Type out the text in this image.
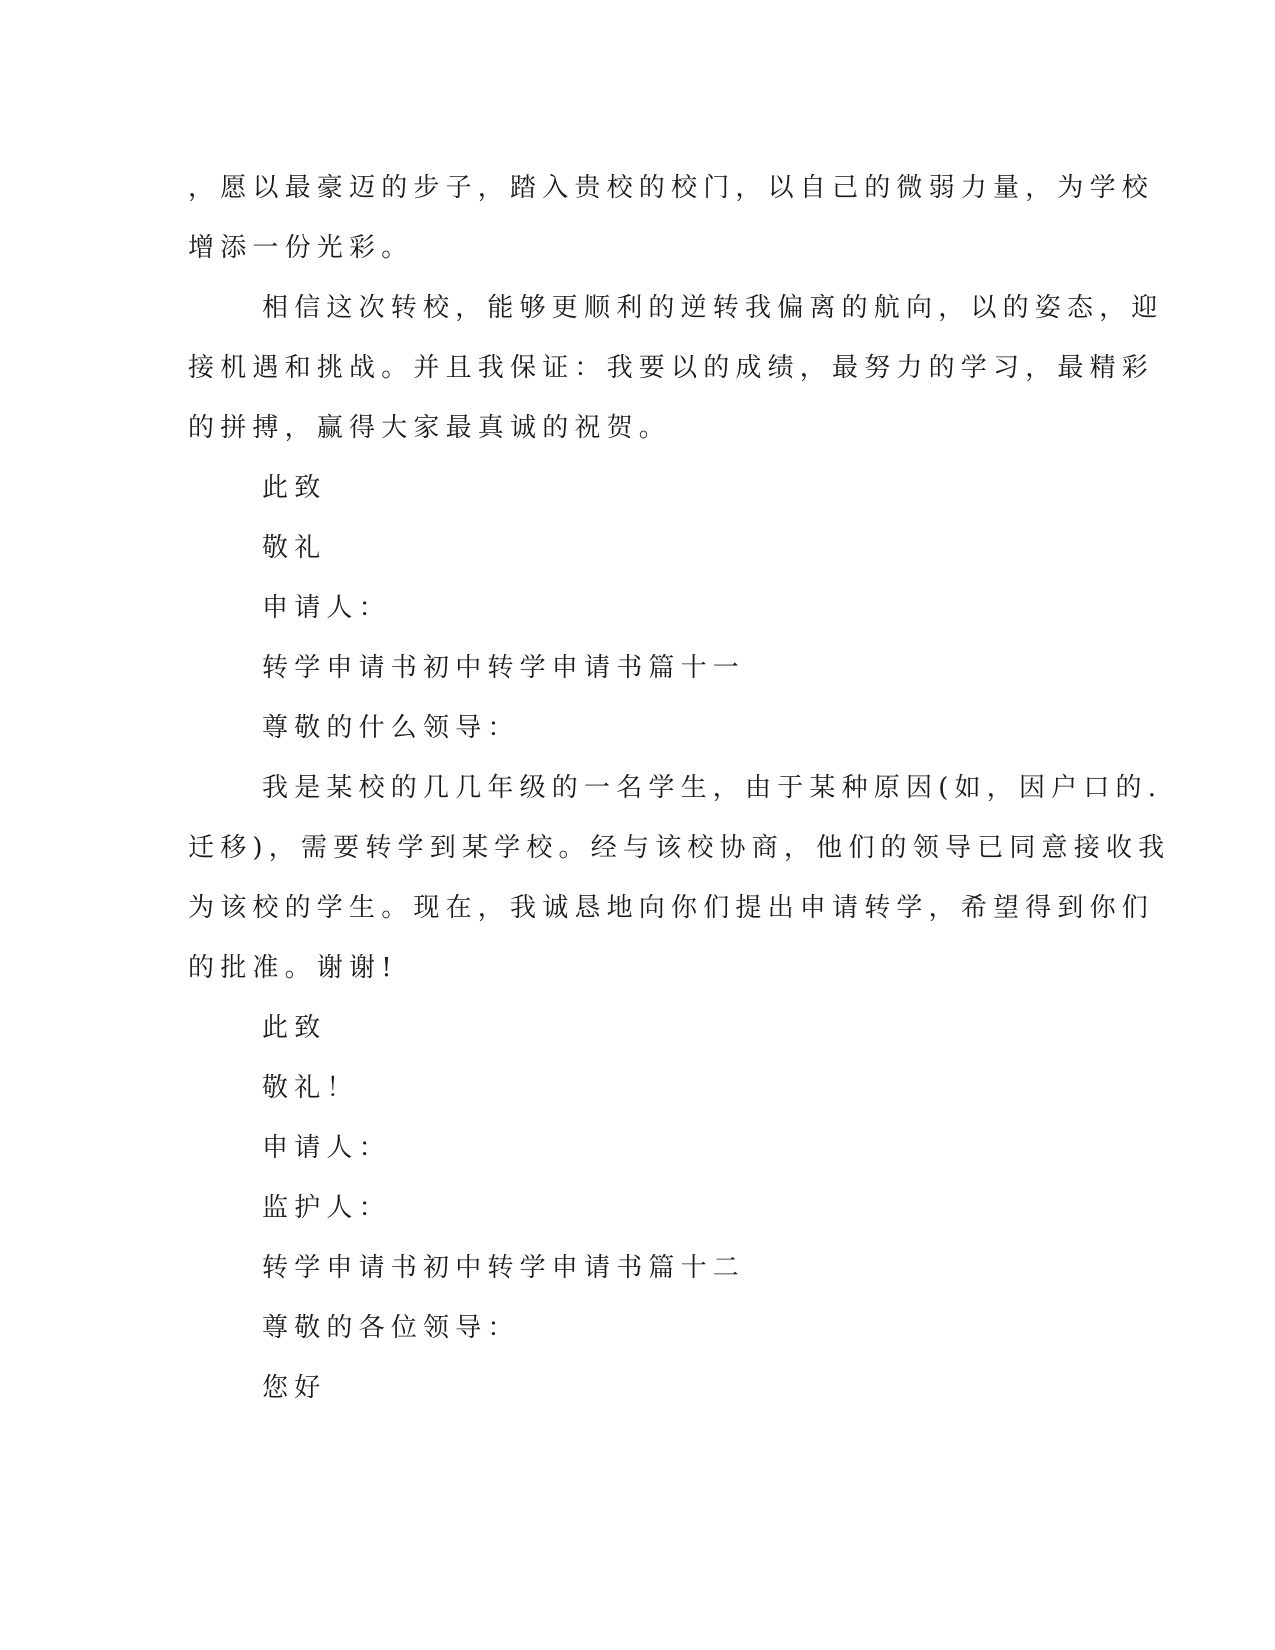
，愿以最豪迈的步子，踏入贵校的校门，以自己的微弱力量，为学校
增添一份光彩。
相信这次转校，能够更顺利的逆转我偏离的航向，以的姿态，迎
接机遇和挑战。并且我保证：我要以的成绩，最努力的学习，最精彩
的拼搏，赢得大家最真诚的祝贺。
此致
敬礼
申请人：
转学申请书初中转学申请书篇十一
尊敬的什么领导：
我是某校的几几年级的一名学生，由于某种原因(如，因户口的.
迁移)，需要转学到某学校。经与该校协商，他们的领导已同意接收我
为该校的学生。现在，我诚恳地向你们提出申请转学，希望得到你们
的批准。谢谢!
此致
敬礼！
申请人：
监护人：
转学申请书初中转学申请书篇十二
尊敬的各位领导：
您好
